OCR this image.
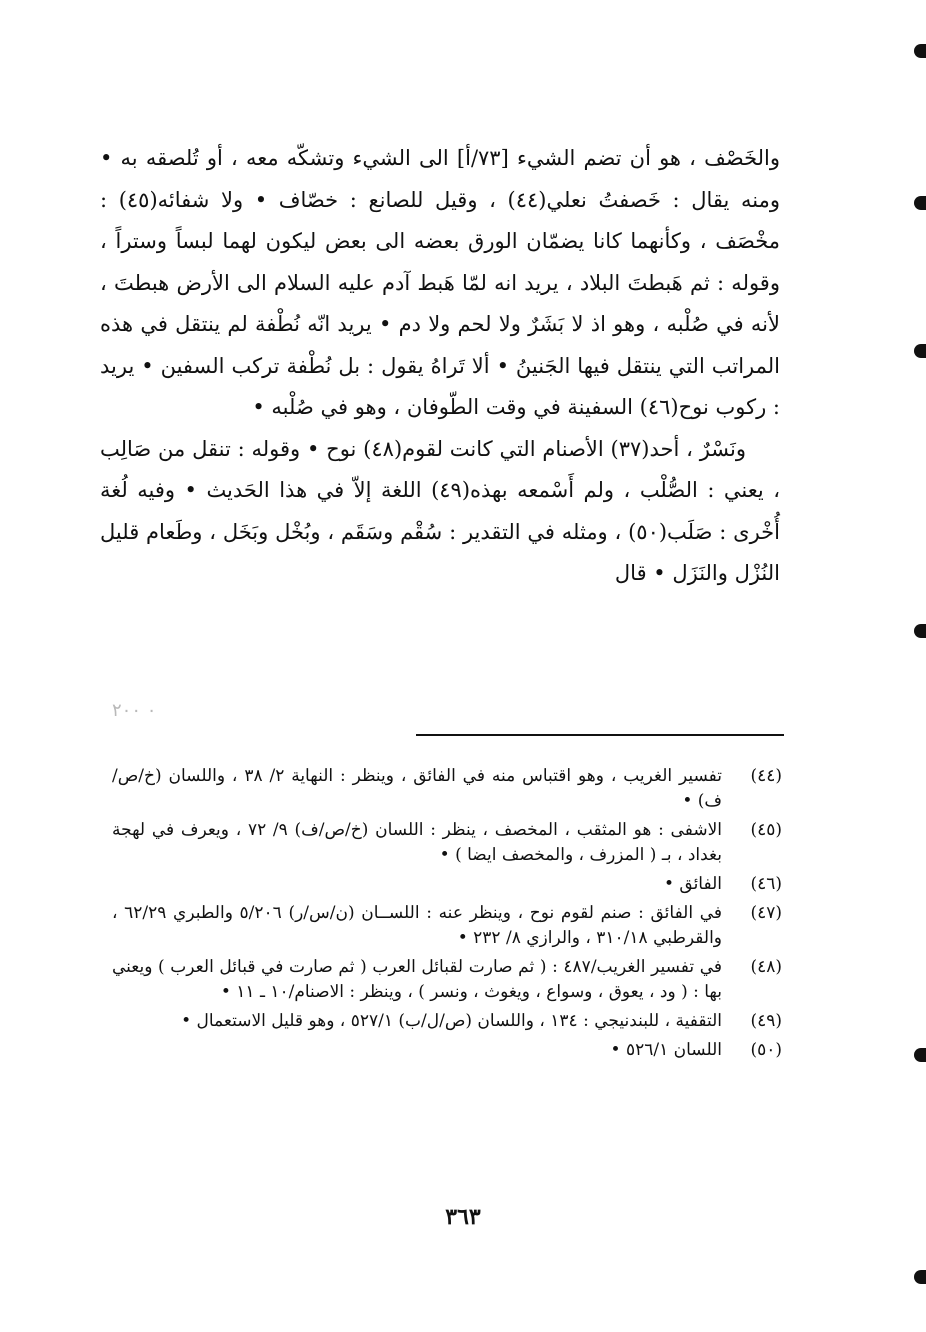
والخَصْف ، هو أن تضم الشيء [٧٣/أ] الى الشيء وتشكّه معه ، أو تُلصقه به • ومنه يقال : خَصفتُ نعلي(٤٤) ، وقيل للصانع : خصّاف • ولا شفائه(٤٥) : مخْصَف ، وكأنهما كانا يضمّان الورق بعضه الى بعض ليكون لهما لبساً وستراً ، وقوله : ثم هَبطتَ البلاد ، يريد انه لمّا هَبط آدم عليه السلام الى الأرض هبطتَ ، لأنه في صُلْبه ، وهو اذ لا بَشَرٌ ولا لحم ولا دم • يريد انّه نُطْفة لم ينتقل في هذه المراتب التي ينتقل فيها الجَنينُ • ألا تَراهُ يقول : بل نُطْفة تركب السفين • يريد : ركوب نوح(٤٦) السفينة في وقت الطّوفان ، وهو في صُلْبه •

ونَسْرٌ ، أحد(٣٧) الأصنام التي كانت لقوم(٤٨) نوح • وقوله : تنقل من صَالِب ، يعني : الصُّلْب ، ولم أَسْمعه بهذه(٤٩) اللغة إلاّ في هذا الحَديث • وفيه لُغة أُخْرى : صَلَب(٥٠) ، ومثله في التقدير : سُقْم وسَقَم ، وبُخْل وبَخَل ، وطَعام قليل النُزْل والنَزَل • قال

٠ ٢٠٠
(٤٤)
تفسير الغريب ، وهو اقتباس منه في الفائق ، وينظر : النهاية ٢/ ٣٨ ، واللسان (خ/ص/ف) •
(٤٥)
الاشفى : هو المثقب ، المخصف ، ينظر : اللسان (خ/ص/ف) ٩/ ٧٢ ، ويعرف في لهجة بغداد ، بـ ( المزرف ، والمخصف ايضا ) •
(٤٦)
الفائق •
(٤٧)
في الفائق : صنم لقوم نوح ، وينظر عنه : اللســان (ن/س/ر) ٥/٢٠٦ والطبري ٦٢/٢٩ ، والقرطبي ٣١٠/١٨ ، والرازي ٨/ ٢٣٢ •
(٤٨)
في تفسير الغريب/٤٨٧ : ( ثم صارت لقبائل العرب ( ثم صارت في قبائل العرب ) ويعني بها : ( ود ، يعوق ، وسواع ، ويغوث ، ونسر ) ، وينظر : الاصنام/١٠ ـ ١١ •
(٤٩)
التقفية ، للبندنيجي : ١٣٤ ، واللسان (ص/ل/ب) ٥٢٧/١ ، وهو قليل الاستعمال •
(٥٠)
اللسان ٥٢٦/١ •
٣٦٣
